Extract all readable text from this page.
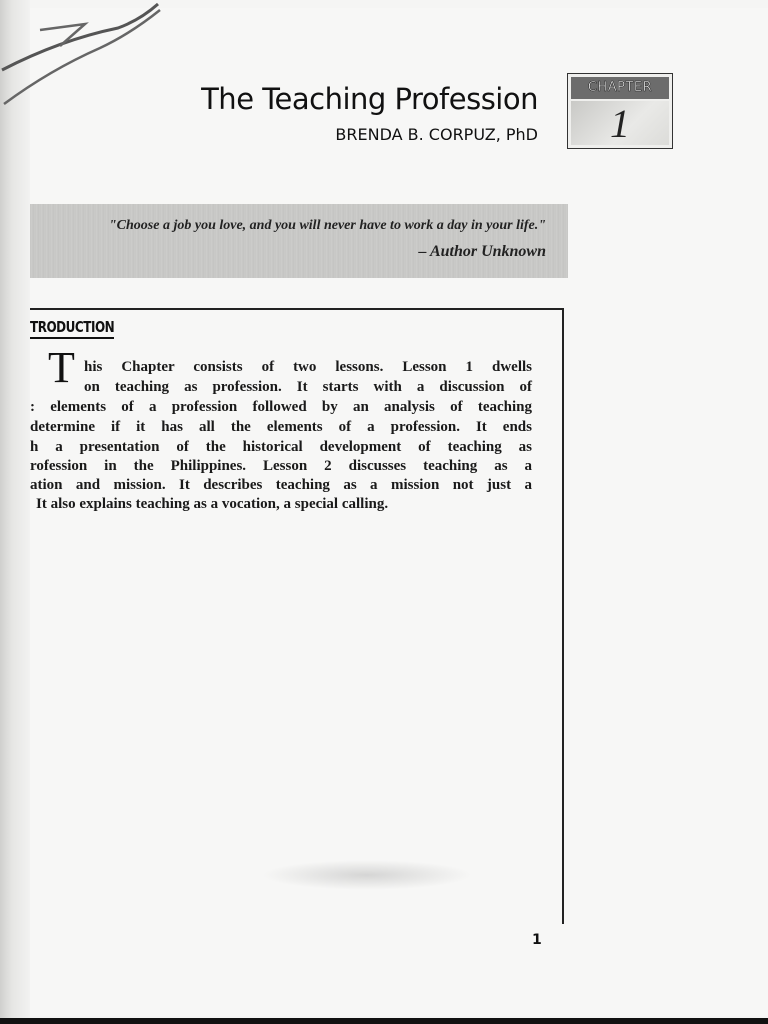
The Teaching Profession
BRENDA B. CORPUZ, PhD
CHAPTER
1
"Choose a job you love, and you will never have to work a day in your life."
– Author Unknown
TRODUCTION
T his Chapter consists of two lessons. Lesson 1 dwells
on teaching as profession. It starts with a discussion of
: elements of a profession followed by an analysis of teaching
determine if it has all the elements of a profession. It ends
h a presentation of the historical development of teaching as
rofession in the Philippines. Lesson 2 discusses teaching as a
ation and mission. It describes teaching as a mission not just a
It also explains teaching as a vocation, a special calling.
1
